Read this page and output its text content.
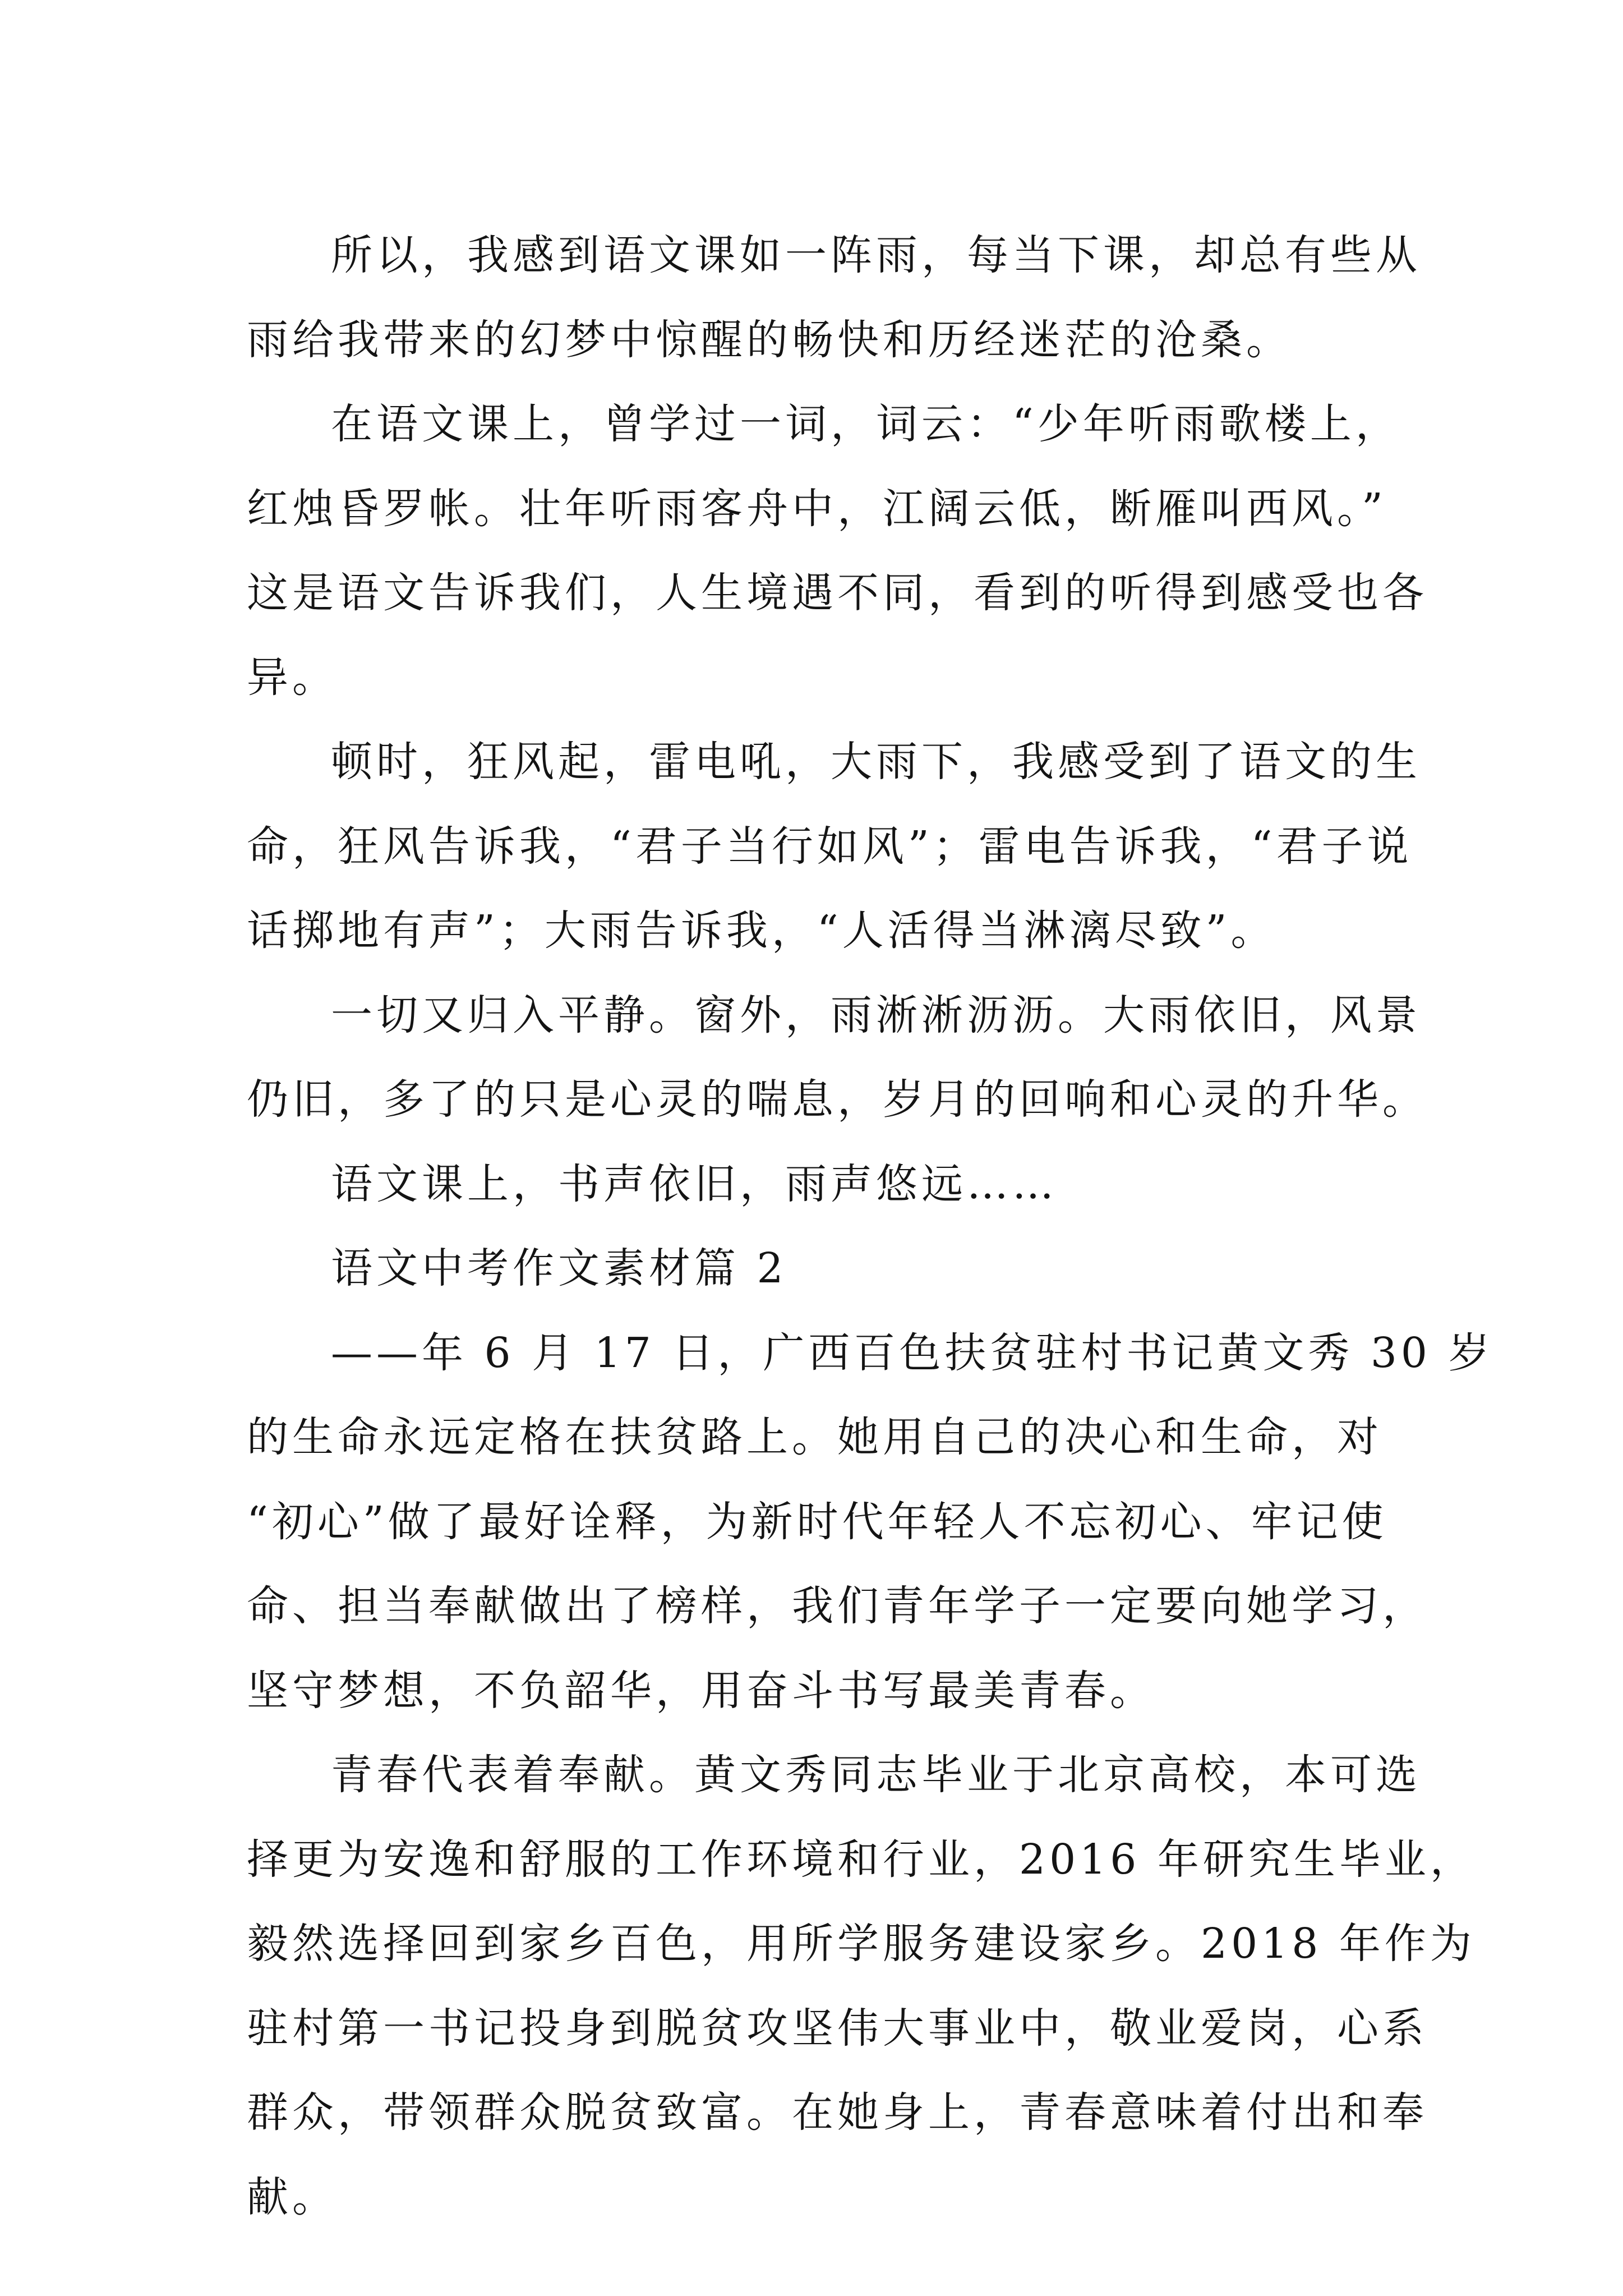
所以，我感到语文课如一阵雨，每当下课，却总有些从
雨给我带来的幻梦中惊醒的畅快和历经迷茫的沧桑。
在语文课上，曾学过一词，词云：“少年听雨歌楼上，
红烛昏罗帐。壮年听雨客舟中，江阔云低，断雁叫西风。”
这是语文告诉我们，人生境遇不同，看到的听得到感受也各
异。
顿时，狂风起，雷电吼，大雨下，我感受到了语文的生
命，狂风告诉我，“君子当行如风”；雷电告诉我，“君子说
话掷地有声”；大雨告诉我，“人活得当淋漓尽致”。
一切又归入平静。窗外，雨淅淅沥沥。大雨依旧，风景
仍旧，多了的只是心灵的喘息，岁月的回响和心灵的升华。
语文课上，书声依旧，雨声悠远……
语文中考作文素材篇 2
——年 6 月 17 日，广西百色扶贫驻村书记黄文秀 30 岁
的生命永远定格在扶贫路上。她用自己的决心和生命，对
“初心”做了最好诠释，为新时代年轻人不忘初心、牢记使
命、担当奉献做出了榜样，我们青年学子一定要向她学习，
坚守梦想，不负韶华，用奋斗书写最美青春。
青春代表着奉献。黄文秀同志毕业于北京高校，本可选
择更为安逸和舒服的工作环境和行业，2016 年研究生毕业，
毅然选择回到家乡百色，用所学服务建设家乡。2018 年作为
驻村第一书记投身到脱贫攻坚伟大事业中，敬业爱岗，心系
群众，带领群众脱贫致富。在她身上，青春意味着付出和奉
献。
